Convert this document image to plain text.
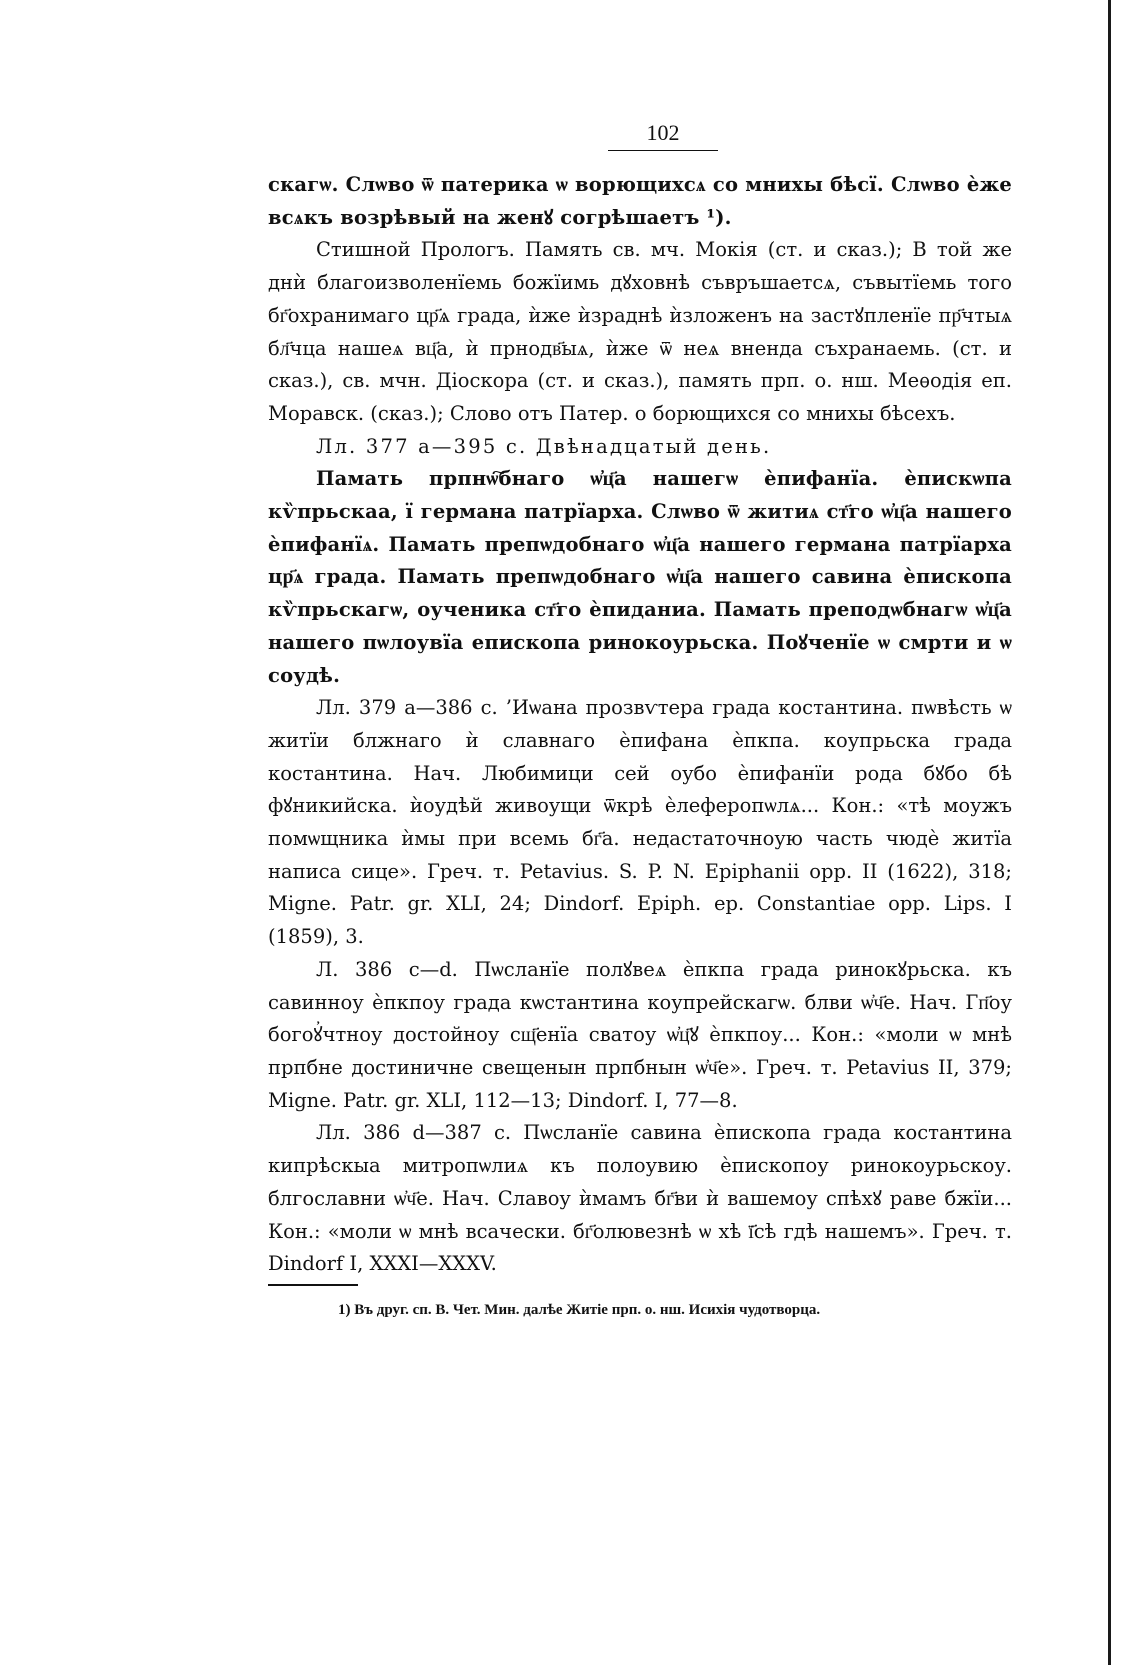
102

скагѡ. Слѡво ѿ патерика ѡ ворющихсѧ со мнихы бѣсї. Слѡво ѐже всѧкъ возрѣвый на женꙋ согрѣшаетъ ¹).

Стишной Прологъ. Память св. мч. Мокія (ст. и сказ.); В той же днѝ благоизволенїемь божїимь дꙋховнѣ съвръшаетсѧ, съвытїемь того бг҃охранимаго цр҃ѧ града, ѝже ѝзраднѣ ѝзложенъ на застꙋпленїе пр҃чтыѧ бл҃чца нашеѧ вц҃а, ѝ прнодв҃ыѧ, ѝже ѿ неѧ вненда съхранаемь. (ст. и сказ.), св. мчн. Діоскора (ст. и сказ.), память прп. о. нш. Меѳодія еп. Моравск. (сказ.); Слово отъ Патер. о борющихся со мнихы бѣсехъ.

Лл. 377 a—395 c. Двѣнадцатый день.

Памать прпнѡ҇бнаго ѡ҆ц҃а нашегѡ ѐпифанїа. ѐпискѡпа кѷпрьскаа, ї германа патрїарха. Слѡво ѿ житиѧ ст҃го ѡ҆ц҃а нашего ѐпифанїѧ. Памать препѡдобнаго ѡ҆ц҃а нашего германа патрїарха цр҃ѧ града. Памать препѡдобнаго ѡ҆ц҃а нашего савина ѐпископа кѷпрьскагѡ, оученика ст҃го ѐпиданиа. Памать преподѡбнагѡ ѡ҆ц҃а нашего пѡлоувїа епископа ринокоурьска. Поꙋченїе ѡ смрти и ѡ соудѣ.

Лл. 379 a—386 c. ’Иѡана прозвѵтера града костантина. пѡвѣсть ѡ житїи блжнаго ѝ славнаго ѐпифана ѐпкпа. коупрьска града костантина. Нач. Любимици сей оубо ѐпифанїи рода бꙋбо бѣ фꙋникийска. ѝоудѣй живоущи ѿкрѣ ѐлеферопѡлѧ... Кон.: «тѣ моужъ помѡщника ѝмы при всемь бг҃а. недастаточноую часть чюдѐ житїа написа сице». Греч. т. Petavius. S. P. N. Epiphanii opp. II (1622), 318; Migne. Patr. gr. XLI, 24; Dindorf. Epiph. ep. Constantiae opp. Lips. I (1859), 3.

Л. 386 c—d. Пѡсланїе полꙋвеѧ ѐпкпа града ринокꙋрьска. къ савинноу ѐпкпоу града кѡстантина коупрейскагѡ. блви ѡ҆ч҃е. Нач. Гп҃оу богоꙋ҆чтноу достойноу сщ҃енїа сватоу ѡ҆ц҃ꙋ ѐпкпоу... Кон.: «моли ѡ мнѣ прпбне достиничне свещенын прпбнын ѡ҆ч҃е». Греч. т. Petavius II, 379; Migne. Patr. gr. XLI, 112—13; Dindorf. I, 77—8.

Лл. 386 d—387 c. Пѡсланїе савина ѐпископа града костантина кипрѣскыа митропѡлиѧ къ полоувию ѐпископоу ринокоурьскоу. блгославни ѡ҆ч҃е. Нач. Славоу ѝмамъ бг҃ви ѝ вашемоу спѣхꙋ раве бжїи... Кон.: «моли ѡ мнѣ всачески. бг҃олювезнѣ ѡ хѣ ї҃сѣ гдѣ нашемъ». Греч. т. Dindorf I, XXXI—XXXV.

1) Въ друг. сп. В. Чет. Мин. далѣе Житіе прп. о. нш. Исихія чудотворца.
